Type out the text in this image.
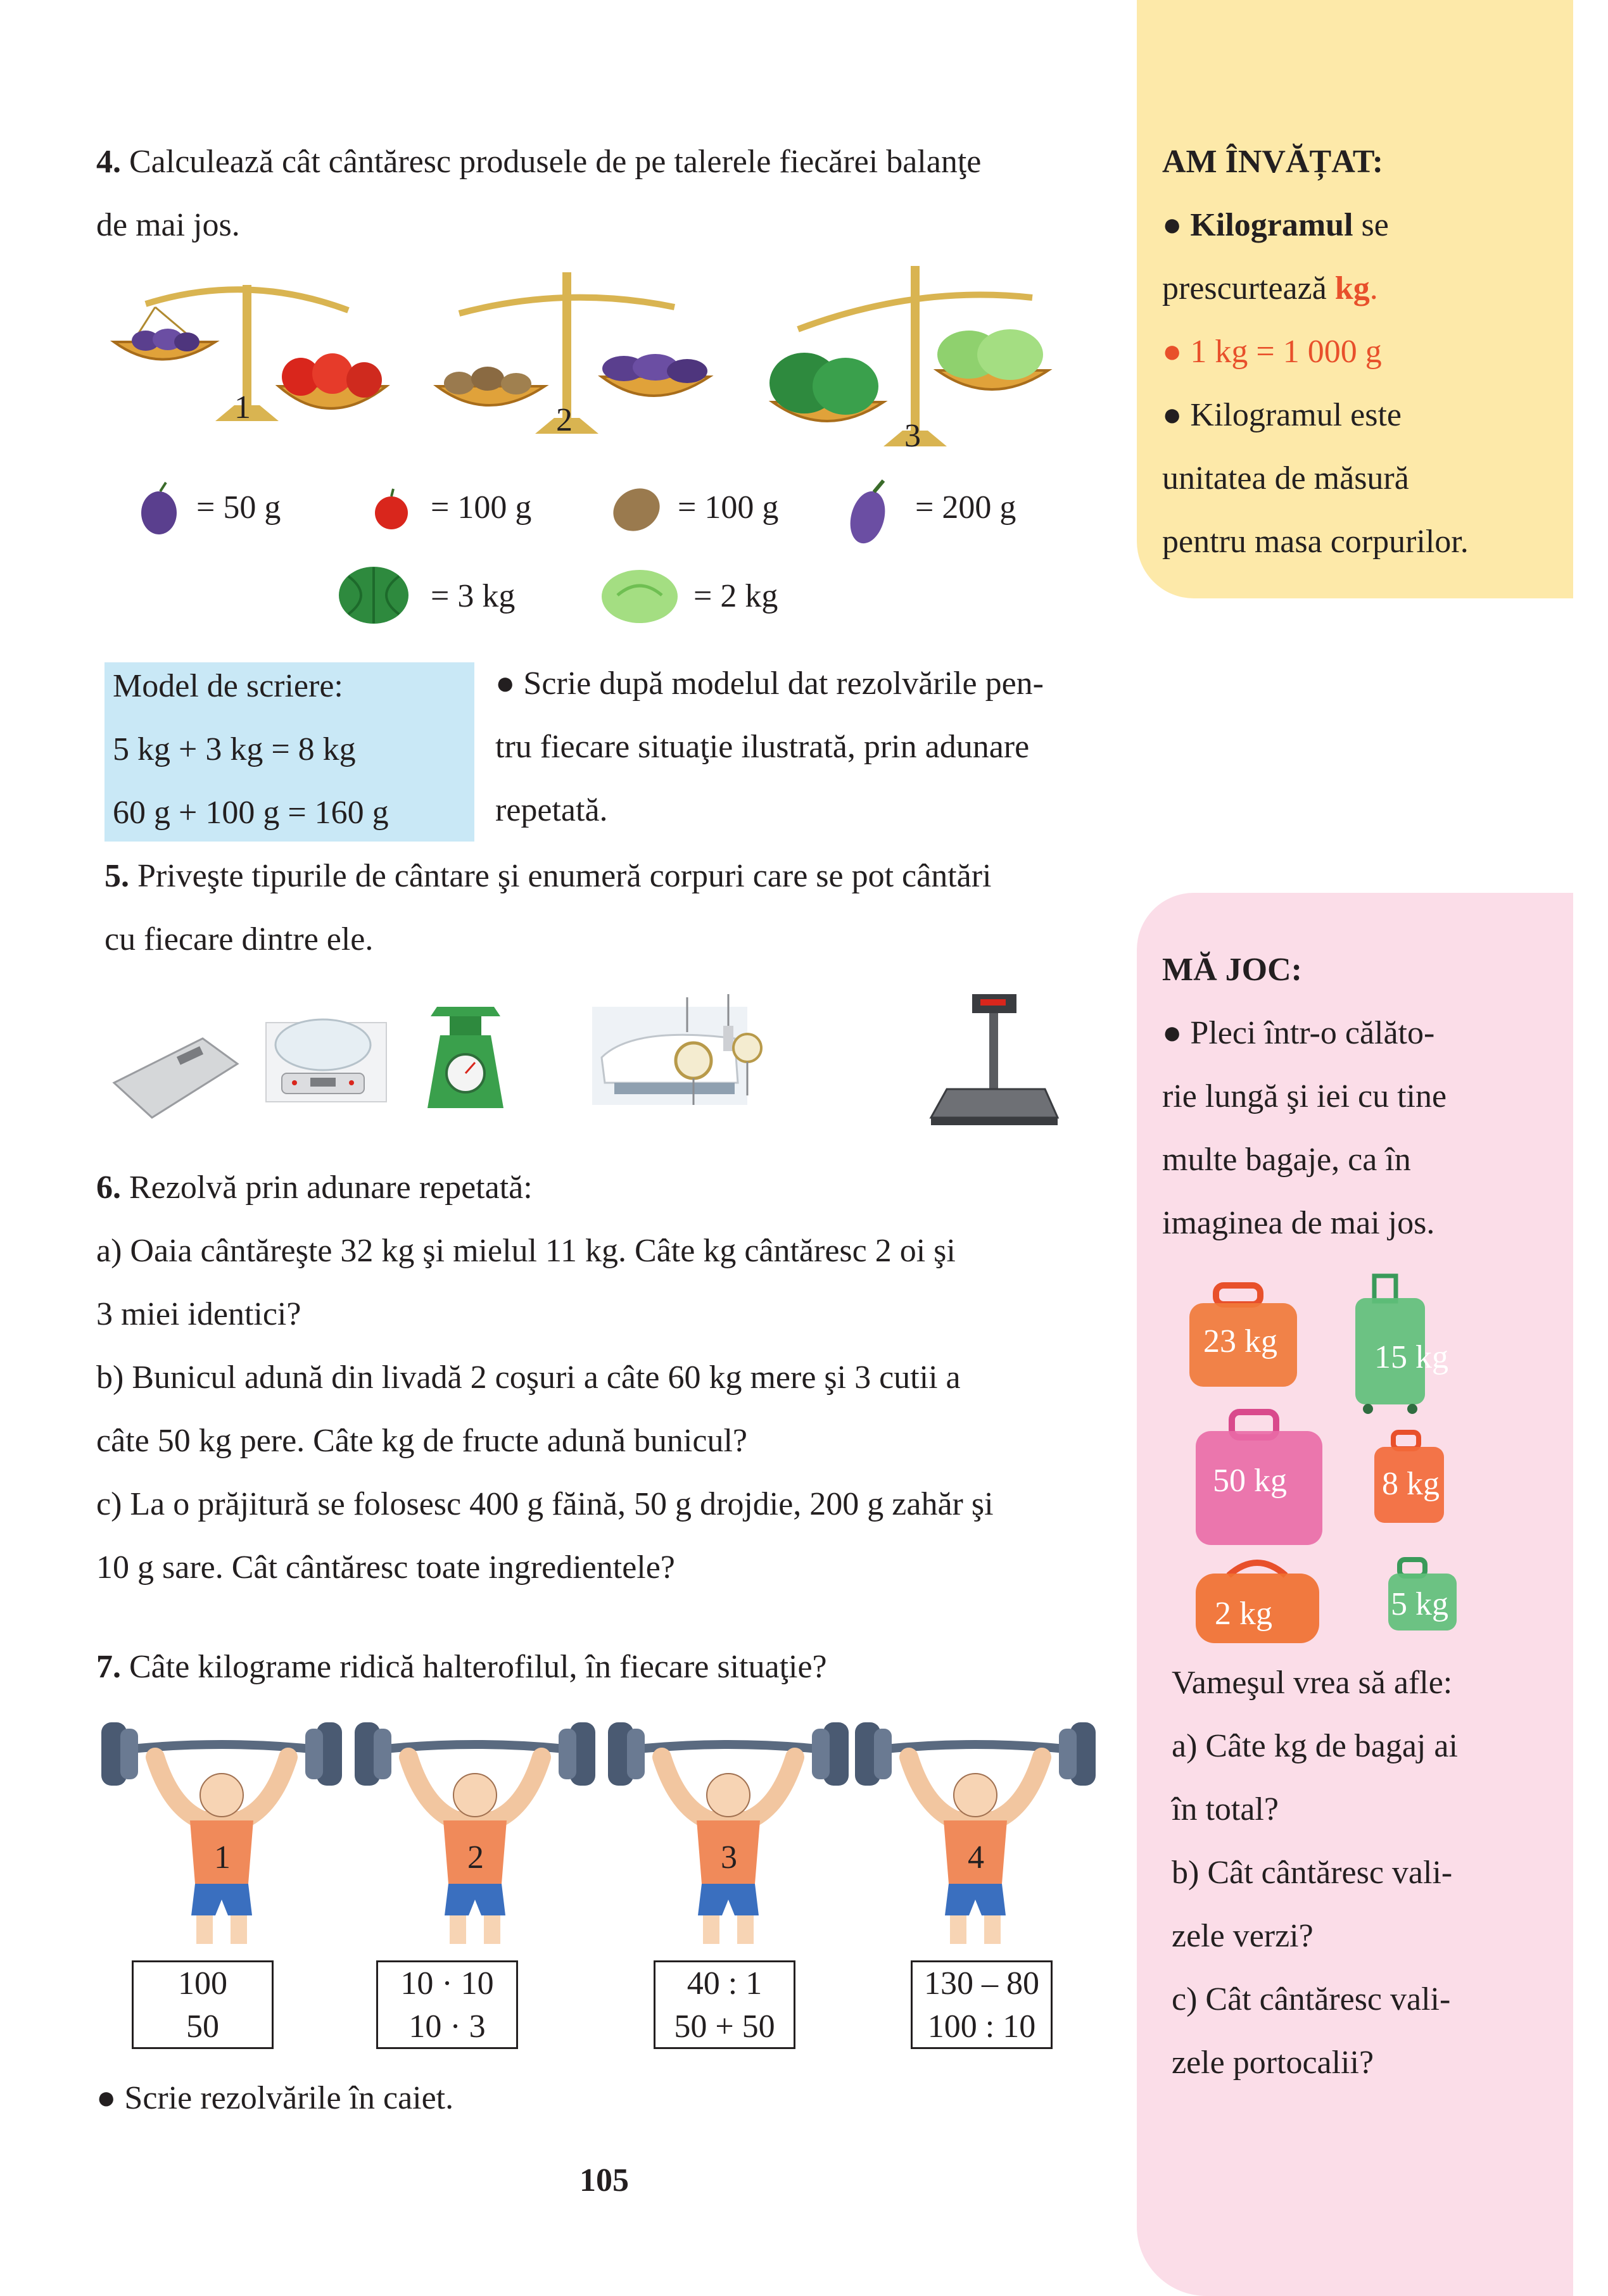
AM ÎNVĂȚAT:
● Kilogramul se
prescurtează kg.
● 1 kg = 1 000 g
● Kilogramul este
unitatea de măsură
pentru masa corpurilor.
MĂ JOC:
● Pleci într-o călăto-
rie lungă şi iei cu tine
multe bagaje, ca în
imaginea de mai jos.
23 kg	15 kg
50 kg	8 kg
2 kg	5 kg
Vameşul vrea să afle:
a) Câte kg de bagaj ai
în total?
b) Cât cântăresc vali-
zele verzi?
c) Cât cântăresc vali-
zele portocalii?
4. Calculează cât cântăresc produsele de pe talerele fiecărei balanţe
de mai jos.
1	2	3
= 50 g	= 100 g	= 100 g	= 200 g
= 3 kg	= 2 kg
Model de scriere:
5 kg + 3 kg = 8 kg
60 g + 100 g = 160 g
● Scrie după modelul dat rezolvările pen-
tru fiecare situaţie ilustrată, prin adunare
repetată.
5. Priveşte tipurile de cântare şi enumeră corpuri care se pot cântări
cu fiecare dintre ele.
6. Rezolvă prin adunare repetată:
a) Oaia cântăreşte 32 kg şi mielul 11 kg. Câte kg cântăresc 2 oi şi
3 miei identici?
b) Bunicul adună din livadă 2 coşuri a câte 60 kg mere şi 3 cutii a
câte 50 kg pere. Câte kg de fructe adună bunicul?
c) La o prăjitură se folosesc 400 g făină, 50 g drojdie, 200 g zahăr şi
10 g sare. Cât cântăresc toate ingredientele?
7. Câte kilograme ridică halterofilul, în fiecare situaţie?
1	2	3	4
100
50
10 · 10
10 · 3
40 : 1
50 + 50
130 – 80
100 : 10
● Scrie rezolvările în caiet.
105
